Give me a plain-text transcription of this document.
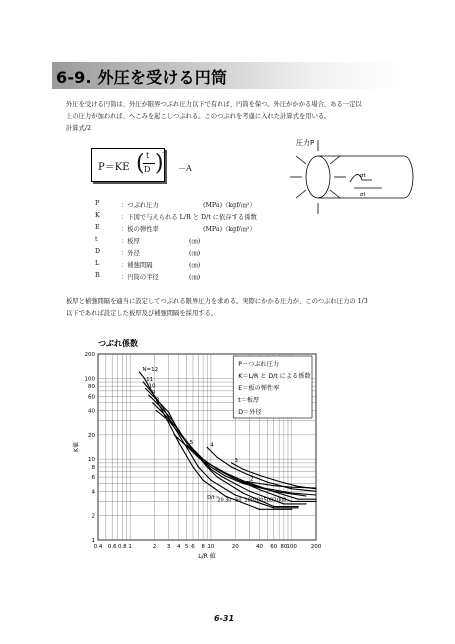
6-9. 外圧を受ける円筒
外圧を受ける円筒は、外圧が限界つぶれ圧力以下で有れば、円筒を保つ。外圧がかかる場合、ある一定以
上の圧力が加われば、へこみを起こしつぶれる。このつぶれを考慮に入れた計算式を用いる。
計算式/2
P＝KE ( t
D )
3
－A
P	：つぶれ圧力	(MPa)（kgf/㎝²）
K	：下図で与えられる L/R と D/t に依存する係数
E	：板の弾性率	(MPa)（kgf/㎝²）
t	：板厚	(㎝)
D	：外径	(㎝)
L	：補強間隔	(㎝)
R	：円筒の半径	(㎝)
圧力P
σt
σl
板厚と補強間隔を適当に設定してつぶれる限界圧力を求める。実際にかかる圧力が、このつぶれ圧力の 1/3
以下であれば設定した板厚及び補強間隔を採用する。
0.4 0.6 0.8 1	2 3 4 5 6 8 10	20	40 60 80 100	200
1
2
4
6
8
10
20
40
60
80
100
200
つぶれ係数
L/R 値
K値
N=12
11
10
9
8
7
6
5	4
3
2
D/t＝
20 30 50 100 200 500 1000
P－つぶれ圧力
K＝L/R と D/t による係数
E＝板の弾性率
t＝板厚
D＝外径
6-31
